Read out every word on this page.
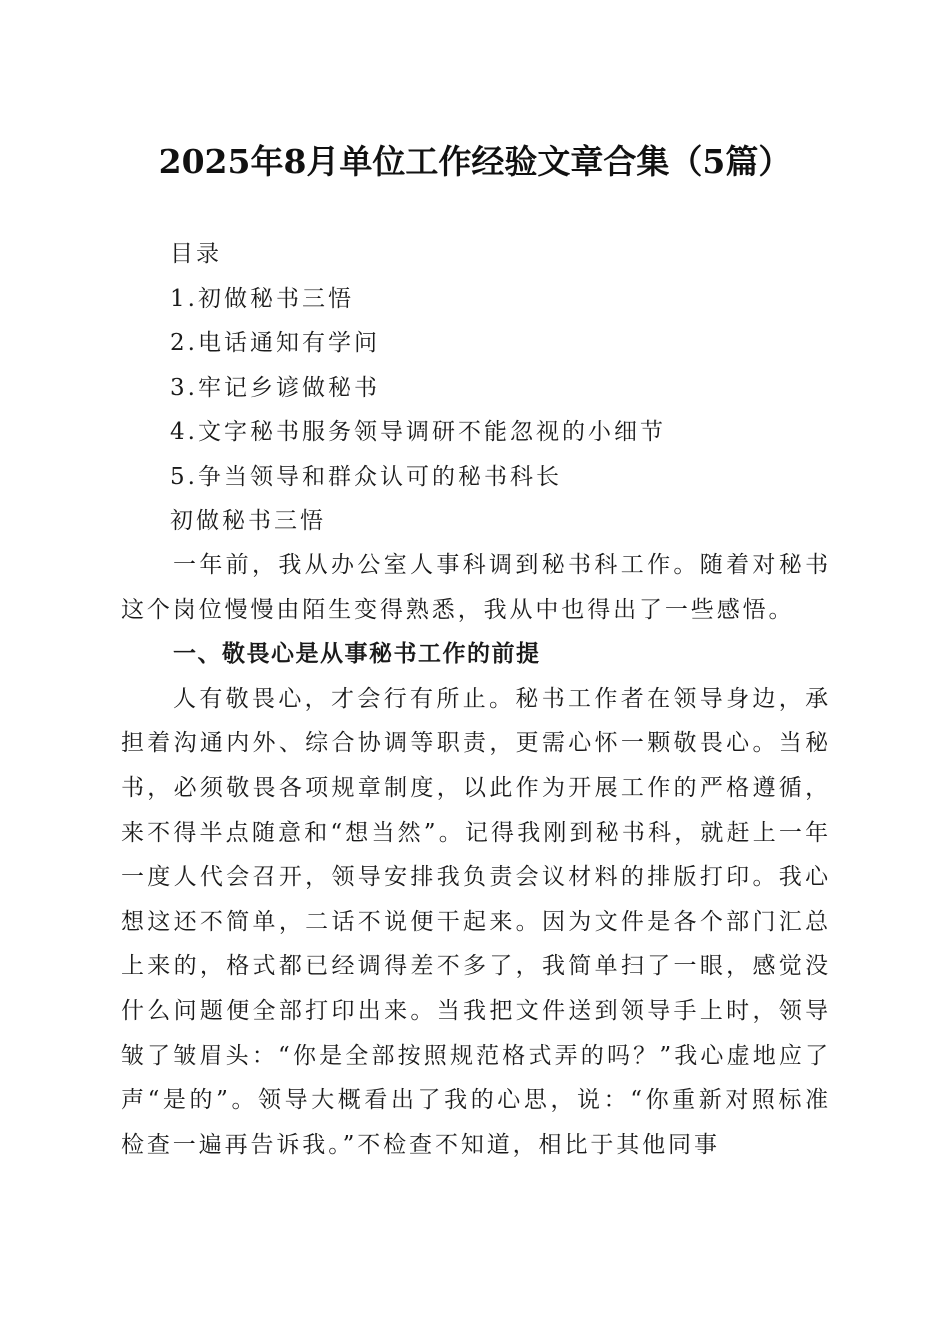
2025年8月单位工作经验文章合集（5篇）
目录
1.初做秘书三悟
2.电话通知有学问
3.牢记乡谚做秘书
4.文字秘书服务领导调研不能忽视的小细节
5.争当领导和群众认可的秘书科长
初做秘书三悟

一年前，我从办公室人事科调到秘书科工作。随着对秘书这个岗位慢慢由陌生变得熟悉，我从中也得出了一些感悟。

一、敬畏心是从事秘书工作的前提

人有敬畏心，才会行有所止。秘书工作者在领导身边，承担着沟通内外、综合协调等职责，更需心怀一颗敬畏心。当秘书，必须敬畏各项规章制度，以此作为开展工作的严格遵循，来不得半点随意和“想当然”。记得我刚到秘书科，就赶上一年一度人代会召开，领导安排我负责会议材料的排版打印。我心想这还不简单，二话不说便干起来。因为文件是各个部门汇总上来的，格式都已经调得差不多了，我简单扫了一眼，感觉没什么问题便全部打印出来。当我把文件送到领导手上时，领导皱了皱眉头：“你是全部按照规范格式弄的吗？”我心虚地应了声“是的”。领导大概看出了我的心思，说：“你重新对照标准检查一遍再告诉我。”不检查不知道，相比于其他同事
